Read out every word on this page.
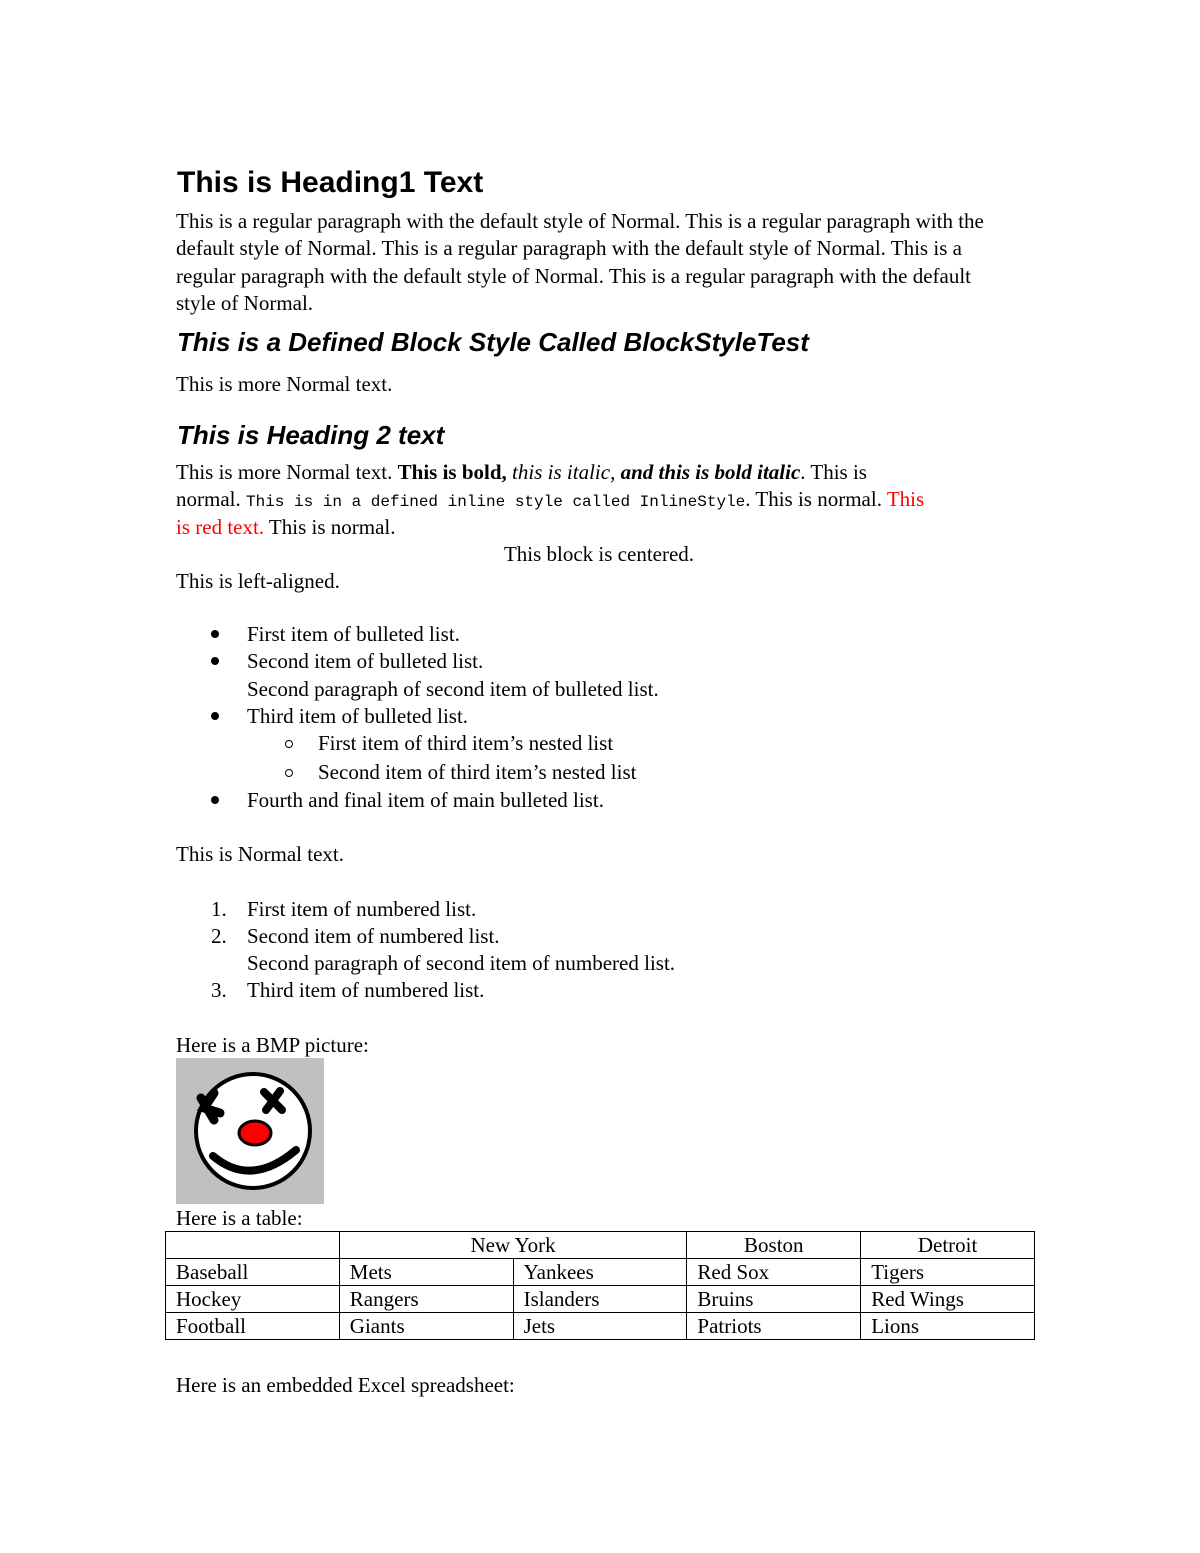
This is Heading1 Text
This is a regular paragraph with the default style of Normal. This is a regular paragraph with the default style of Normal. This is a regular paragraph with the default style of Normal. This is a regular paragraph with the default style of Normal. This is a regular paragraph with the default style of Normal.
This is a Defined Block Style Called BlockStyleTest
This is more Normal text.
This is Heading 2 text
This is more Normal text. This is bold, this is italic, and this is bold italic. This is
normal. This is in a defined inline style called InlineStyle. This is normal. This
is red text. This is normal.
This block is centered.
This is left-aligned.
First item of bulleted list.
Second item of bulleted list.
Second paragraph of second item of bulleted list.
Third item of bulleted list.
First item of third item’s nested list
Second item of third item’s nested list
Fourth and final item of main bulleted list.
This is Normal text.
1. First item of numbered list.
2. Second item of numbered list.
Second paragraph of second item of numbered list.
3. Third item of numbered list.
Here is a BMP picture:
Here is a table:
	New York		Boston	Detroit
Baseball	Mets	Yankees	Red Sox	Tigers
Hockey	Rangers	Islanders	Bruins	Red Wings
Football	Giants	Jets	Patriots	Lions
Here is an embedded Excel spreadsheet:
